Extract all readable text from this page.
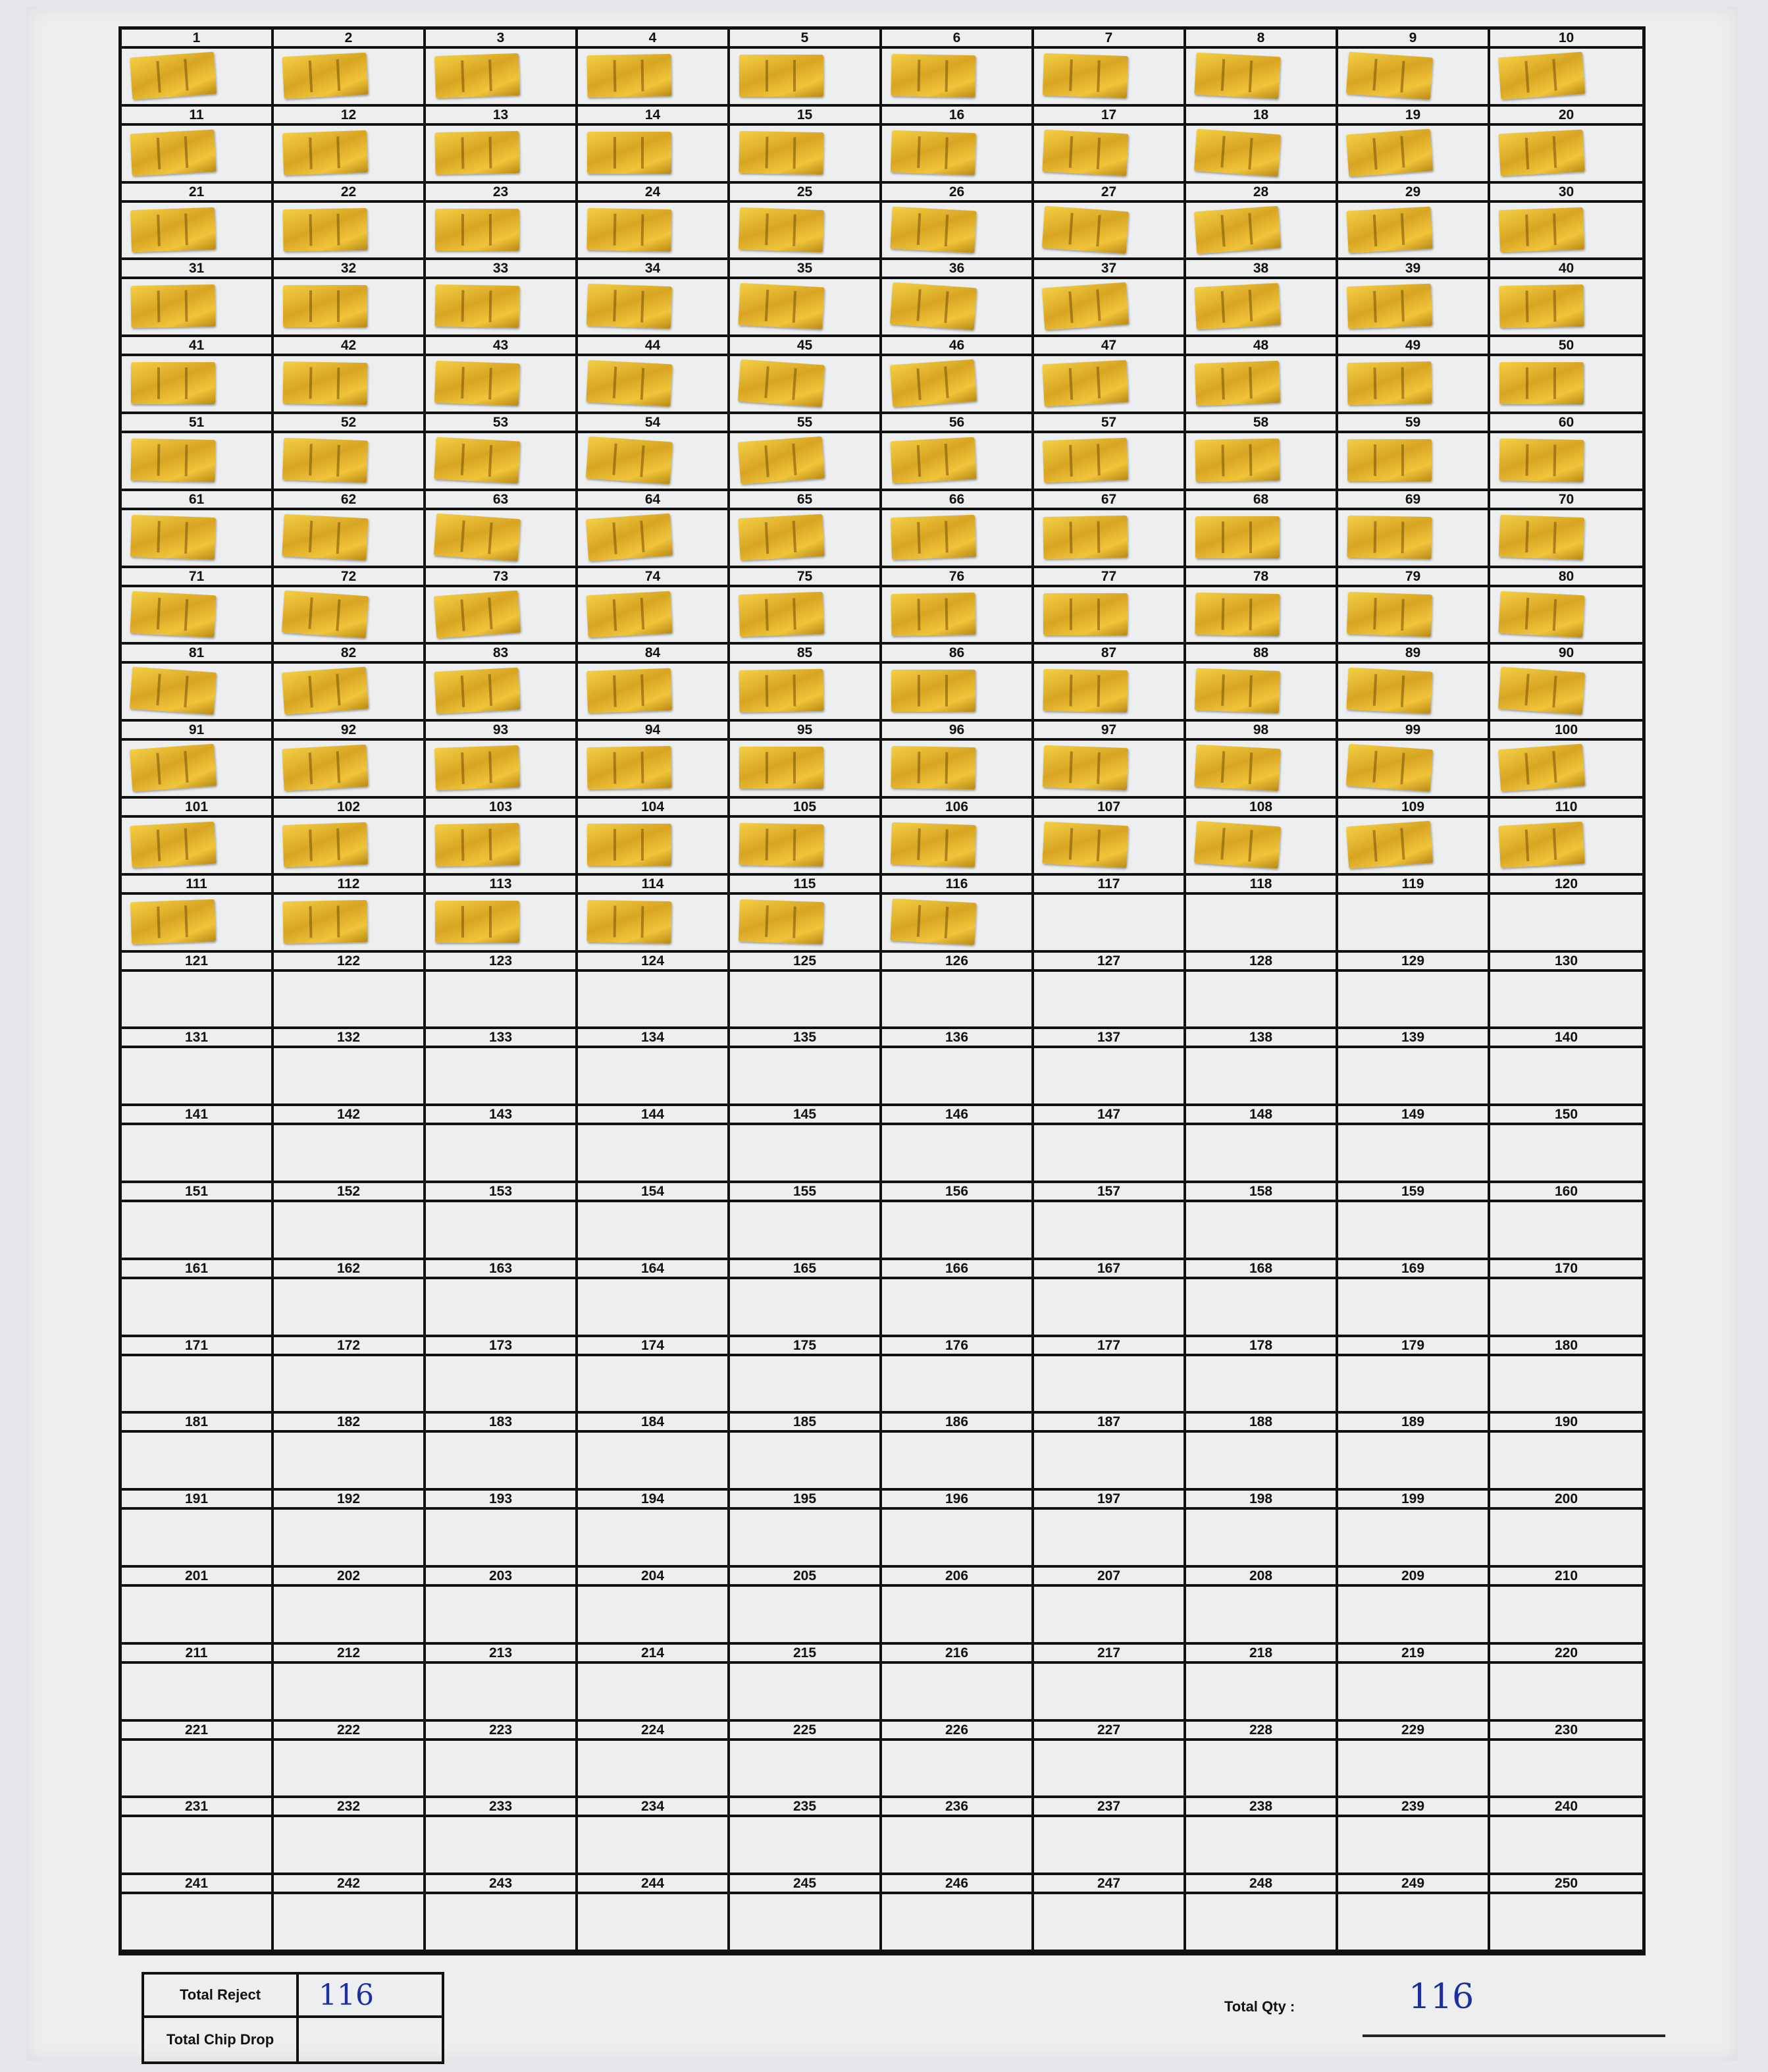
1	2	3	4	5	6	7	8	9	10
11	12	13	14	15	16	17	18	19	20
21	22	23	24	25	26	27	28	29	30
31	32	33	34	35	36	37	38	39	40
41	42	43	44	45	46	47	48	49	50
51	52	53	54	55	56	57	58	59	60
61	62	63	64	65	66	67	68	69	70
71	72	73	74	75	76	77	78	79	80
81	82	83	84	85	86	87	88	89	90
91	92	93	94	95	96	97	98	99	100
101	102	103	104	105	106	107	108	109	110
111	112	113	114	115	116	117	118	119	120
121	122	123	124	125	126	127	128	129	130
131	132	133	134	135	136	137	138	139	140
141	142	143	144	145	146	147	148	149	150
151	152	153	154	155	156	157	158	159	160
161	162	163	164	165	166	167	168	169	170
171	172	173	174	175	176	177	178	179	180
181	182	183	184	185	186	187	188	189	190
191	192	193	194	195	196	197	198	199	200
201	202	203	204	205	206	207	208	209	210
211	212	213	214	215	216	217	218	219	220
221	222	223	224	225	226	227	228	229	230
231	232	233	234	235	236	237	238	239	240
241	242	243	244	245	246	247	248	249	250
Total Reject	116
Total Chip Drop
Total Qty :	116
